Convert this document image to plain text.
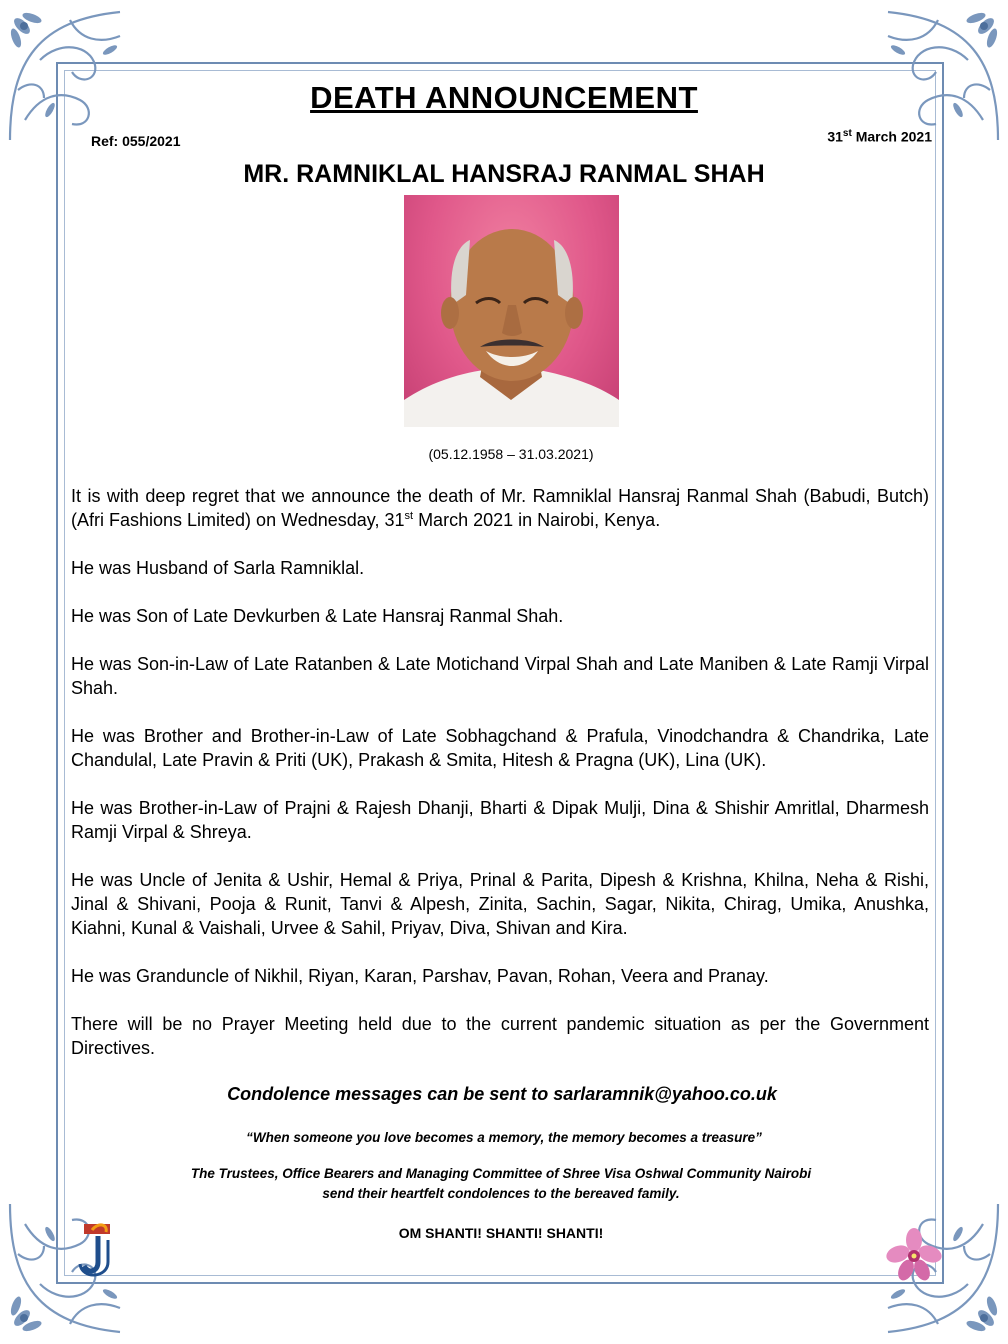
DEATH ANNOUNCEMENT
Ref: 055/2021	31st March 2021
MR. RAMNIKLAL HANSRAJ RANMAL SHAH
(05.12.1958 – 31.03.2021)

It is with deep regret that we announce the death of Mr. Ramniklal Hansraj Ranmal Shah (Babudi, Butch) (Afri Fashions Limited) on Wednesday, 31st March 2021 in Nairobi, Kenya.

He was Husband of Sarla Ramniklal.

He was Son of Late Devkurben & Late Hansraj Ranmal Shah.

He was Son-in-Law of Late Ratanben & Late Motichand Virpal Shah and Late Maniben & Late Ramji Virpal Shah.

He was Brother and Brother-in-Law of Late Sobhagchand & Prafula, Vinodchandra & Chandrika, Late Chandulal, Late Pravin & Priti (UK), Prakash & Smita, Hitesh & Pragna (UK), Lina (UK).

He was Brother-in-Law of Prajni & Rajesh Dhanji, Bharti & Dipak Mulji, Dina & Shishir Amritlal, Dharmesh Ramji Virpal & Shreya.

He was Uncle of Jenita & Ushir, Hemal & Priya, Prinal & Parita, Dipesh & Krishna, Khilna, Neha & Rishi, Jinal & Shivani, Pooja & Runit, Tanvi & Alpesh, Zinita, Sachin, Sagar, Nikita, Chirag, Umika, Anushka, Kiahni, Kunal & Vaishali, Urvee & Sahil, Priyav, Diva, Shivan and Kira.

He was Granduncle of Nikhil, Riyan, Karan, Parshav, Pavan, Rohan, Veera and Pranay.

There will be no Prayer Meeting held due to the current pandemic situation as per the Government Directives.

Condolence messages can be sent to sarlaramnik@yahoo.co.uk
“When someone you love becomes a memory, the memory becomes a treasure”
The Trustees, Office Bearers and Managing Committee of Shree Visa Oshwal Community Nairobi
send their heartfelt condolences to the bereaved family.
OM SHANTI! SHANTI! SHANTI!
